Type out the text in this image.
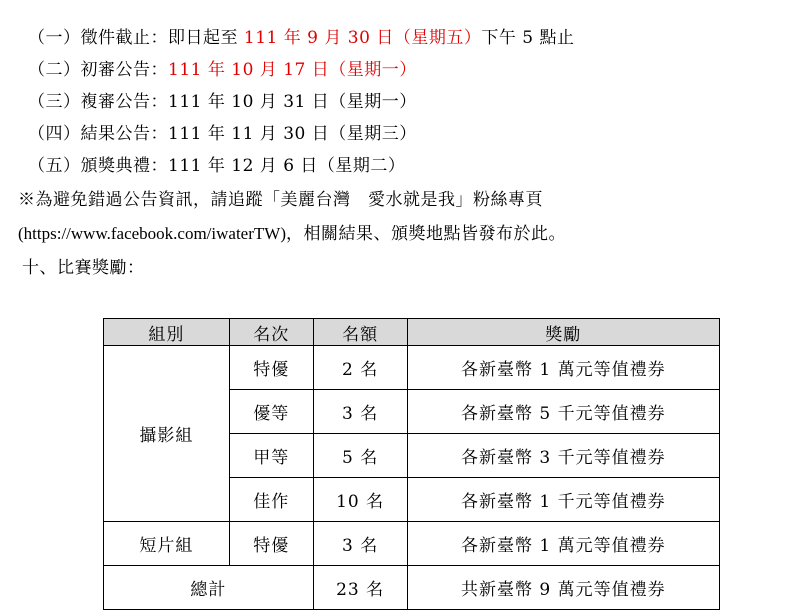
（一）徵件截止：即日起至 111 年 9 月 30 日（星期五）下午 5 點止
（二）初審公告：111 年 10 月 17 日（星期一）
（三）複審公告：111 年 10 月 31 日（星期一）
（四）結果公告：111 年 11 月 30 日（星期三）
（五）頒獎典禮：111 年 12 月 6 日（星期二）
※為避免錯過公告資訊，請追蹤「美麗台灣　愛水就是我」粉絲專頁
(https://www.facebook.com/iwaterTW)，相關結果、頒獎地點皆發布於此。
十、比賽獎勵：
組別	名次	名額	獎勵
攝影組	特優	2 名	各新臺幣 1 萬元等值禮券
	優等	3 名	各新臺幣 5 千元等值禮券
	甲等	5 名	各新臺幣 3 千元等值禮券
	佳作	10 名	各新臺幣 1 千元等值禮券
短片組	特優	3 名	各新臺幣 1 萬元等值禮券
總計		23 名	共新臺幣 9 萬元等值禮券
